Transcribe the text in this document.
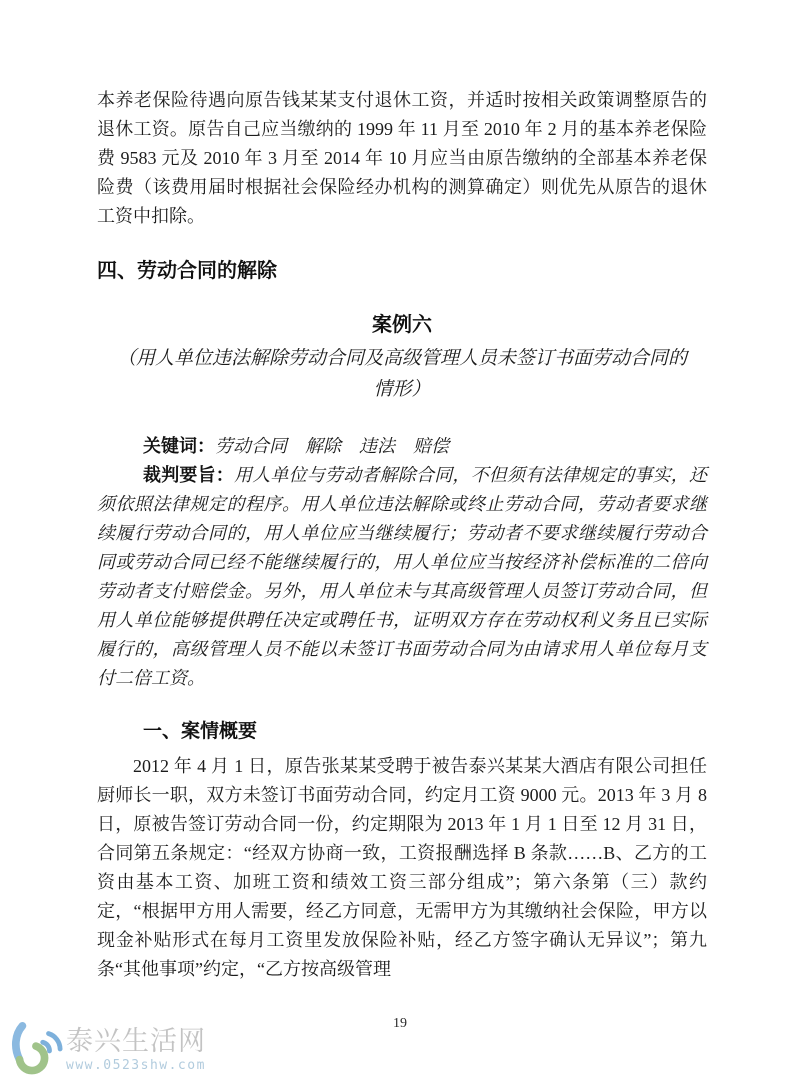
本养老保险待遇向原告钱某某支付退休工资，并适时按相关政策调整原告的退休工资。原告自己应当缴纳的 1999 年 11 月至 2010 年 2 月的基本养老保险费 9583 元及 2010 年 3 月至 2014 年 10 月应当由原告缴纳的全部基本养老保险费（该费用届时根据社会保险经办机构的测算确定）则优先从原告的退休工资中扣除。

四、劳动合同的解除
案例六

（用人单位违法解除劳动合同及高级管理人员未签订书面劳动合同的情形）

关键词：劳动合同　解除　违法　赔偿

裁判要旨：用人单位与劳动者解除合同，不但须有法律规定的事实，还须依照法律规定的程序。用人单位违法解除或终止劳动合同，劳动者要求继续履行劳动合同的，用人单位应当继续履行；劳动者不要求继续履行劳动合同或劳动合同已经不能继续履行的，用人单位应当按经济补偿标准的二倍向劳动者支付赔偿金。另外，用人单位未与其高级管理人员签订劳动合同，但用人单位能够提供聘任决定或聘任书，证明双方存在劳动权利义务且已实际履行的，高级管理人员不能以未签订书面劳动合同为由请求用人单位每月支付二倍工资。

一、案情概要

2012 年 4 月 1 日，原告张某某受聘于被告泰兴某某大酒店有限公司担任厨师长一职，双方未签订书面劳动合同，约定月工资 9000 元。2013 年 3 月 8 日，原被告签订劳动合同一份，约定期限为 2013 年 1 月 1 日至 12 月 31 日，合同第五条规定：“经双方协商一致，工资报酬选择 B 条款……B、乙方的工资由基本工资、加班工资和绩效工资三部分组成”；第六条第（三）款约定，“根据甲方用人需要，经乙方同意，无需甲方为其缴纳社会保险，甲方以现金补贴形式在每月工资里发放保险补贴，经乙方签字确认无异议”；第九条“其他事项”约定，“乙方按高级管理

19
泰兴生活网
www.0523shw.com
